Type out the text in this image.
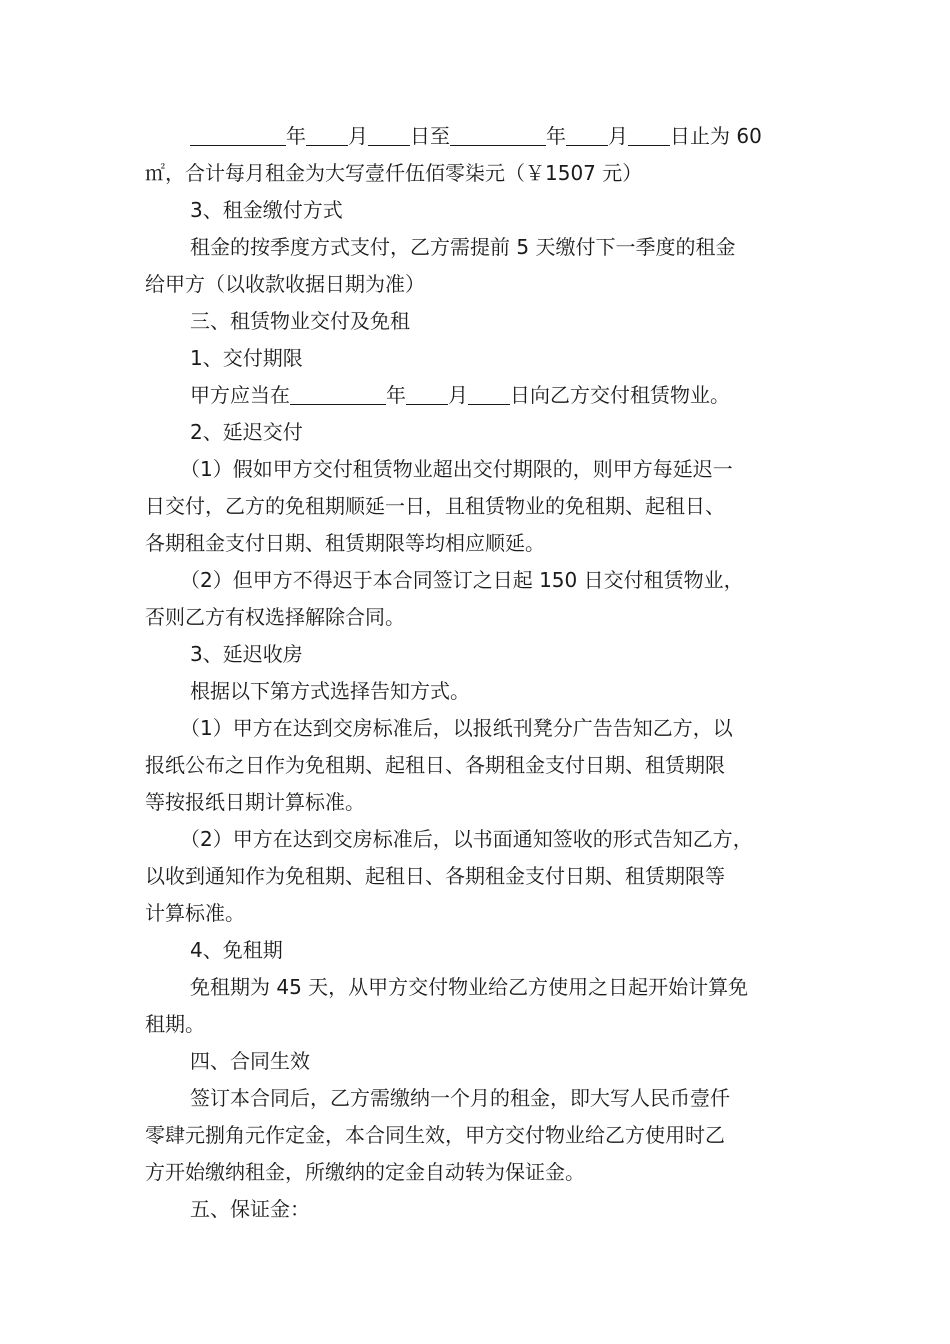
年 月 日至	年 月 日止为 60
㎡，合计每月租金为大写壹仟伍佰零柒元（￥1507 元）
3、租金缴付方式
租金的按季度方式支付，乙方需提前 5 天缴付下一季度的租金
给甲方（以收款收据日期为准）
三、租赁物业交付及免租
1、交付期限
甲方应当在	年 月 日向乙方交付租赁物业。
2、延迟交付
（1）假如甲方交付租赁物业超出交付期限的，则甲方每延迟一
日交付，乙方的免租期顺延一日，且租赁物业的免租期、起租日、
各期租金支付日期、租赁期限等均相应顺延。
（2）但甲方不得迟于本合同签订之日起 150 日交付租赁物业，
否则乙方有权选择解除合同。
3、延迟收房
根据以下第方式选择告知方式。
（1）甲方在达到交房标准后，以报纸刊凳分广告告知乙方，以
报纸公布之日作为免租期、起租日、各期租金支付日期、租赁期限
等按报纸日期计算标准。
（2）甲方在达到交房标准后，以书面通知签收的形式告知乙方，
以收到通知作为免租期、起租日、各期租金支付日期、租赁期限等
计算标准。
4、免租期
免租期为 45 天，从甲方交付物业给乙方使用之日起开始计算免
租期。
四、合同生效
签订本合同后，乙方需缴纳一个月的租金，即大写人民币壹仟
零肆元捌角元作定金，本合同生效，甲方交付物业给乙方使用时乙
方开始缴纳租金，所缴纳的定金自动转为保证金。
五、保证金：
